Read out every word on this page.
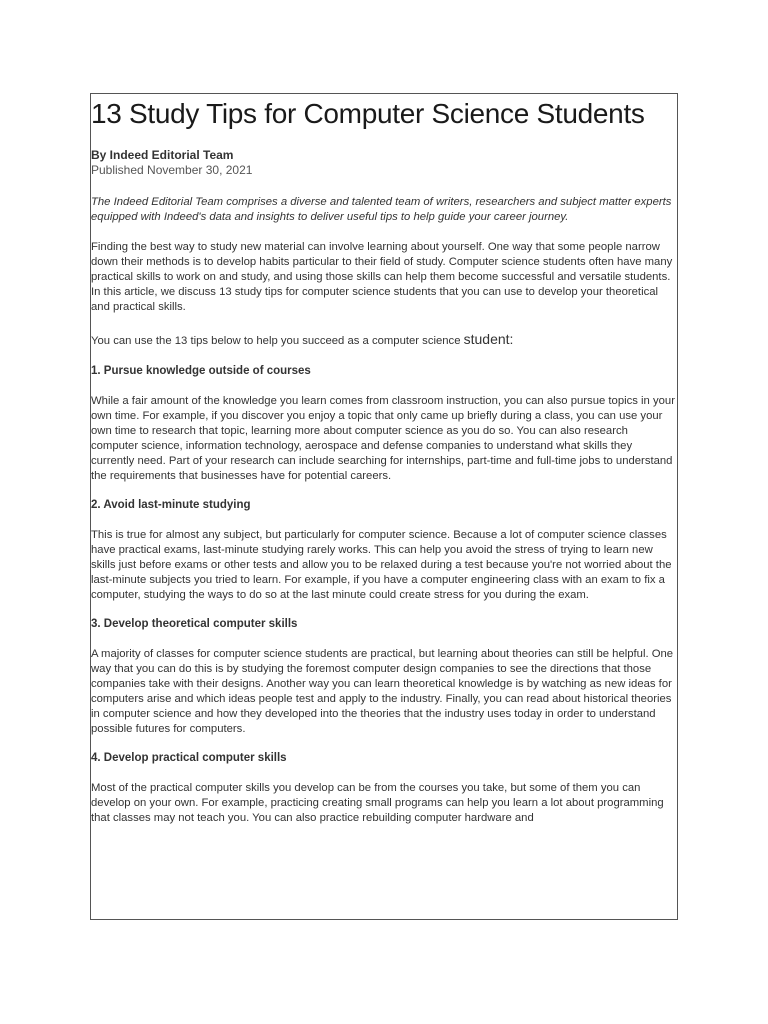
13 Study Tips for Computer Science Students

By Indeed Editorial Team

Published November 30, 2021

The Indeed Editorial Team comprises a diverse and talented team of writers, researchers and subject matter experts equipped with Indeed's data and insights to deliver useful tips to help guide your career journey.

Finding the best way to study new material can involve learning about yourself. One way that some people narrow down their methods is to develop habits particular to their field of study. Computer science students often have many practical skills to work on and study, and using those skills can help them become successful and versatile students. In this article, we discuss 13 study tips for computer science students that you can use to develop your theoretical and practical skills.

You can use the 13 tips below to help you succeed as a computer science student:

1. Pursue knowledge outside of courses

While a fair amount of the knowledge you learn comes from classroom instruction, you can also pursue topics in your own time. For example, if you discover you enjoy a topic that only came up briefly during a class, you can use your own time to research that topic, learning more about computer science as you do so. You can also research computer science, information technology, aerospace and defense companies to understand what skills they currently need. Part of your research can include searching for internships, part-time and full-time jobs to understand the requirements that businesses have for potential careers.

2. Avoid last-minute studying

This is true for almost any subject, but particularly for computer science. Because a lot of computer science classes have practical exams, last-minute studying rarely works. This can help you avoid the stress of trying to learn new skills just before exams or other tests and allow you to be relaxed during a test because you're not worried about the last-minute subjects you tried to learn. For example, if you have a computer engineering class with an exam to fix a computer, studying the ways to do so at the last minute could create stress for you during the exam.

3. Develop theoretical computer skills

A majority of classes for computer science students are practical, but learning about theories can still be helpful. One way that you can do this is by studying the foremost computer design companies to see the directions that those companies take with their designs. Another way you can learn theoretical knowledge is by watching as new ideas for computers arise and which ideas people test and apply to the industry. Finally, you can read about historical theories in computer science and how they developed into the theories that the industry uses today in order to understand possible futures for computers.

4. Develop practical computer skills

Most of the practical computer skills you develop can be from the courses you take, but some of them you can develop on your own. For example, practicing creating small programs can help you learn a lot about programming that classes may not teach you. You can also practice rebuilding computer hardware and
